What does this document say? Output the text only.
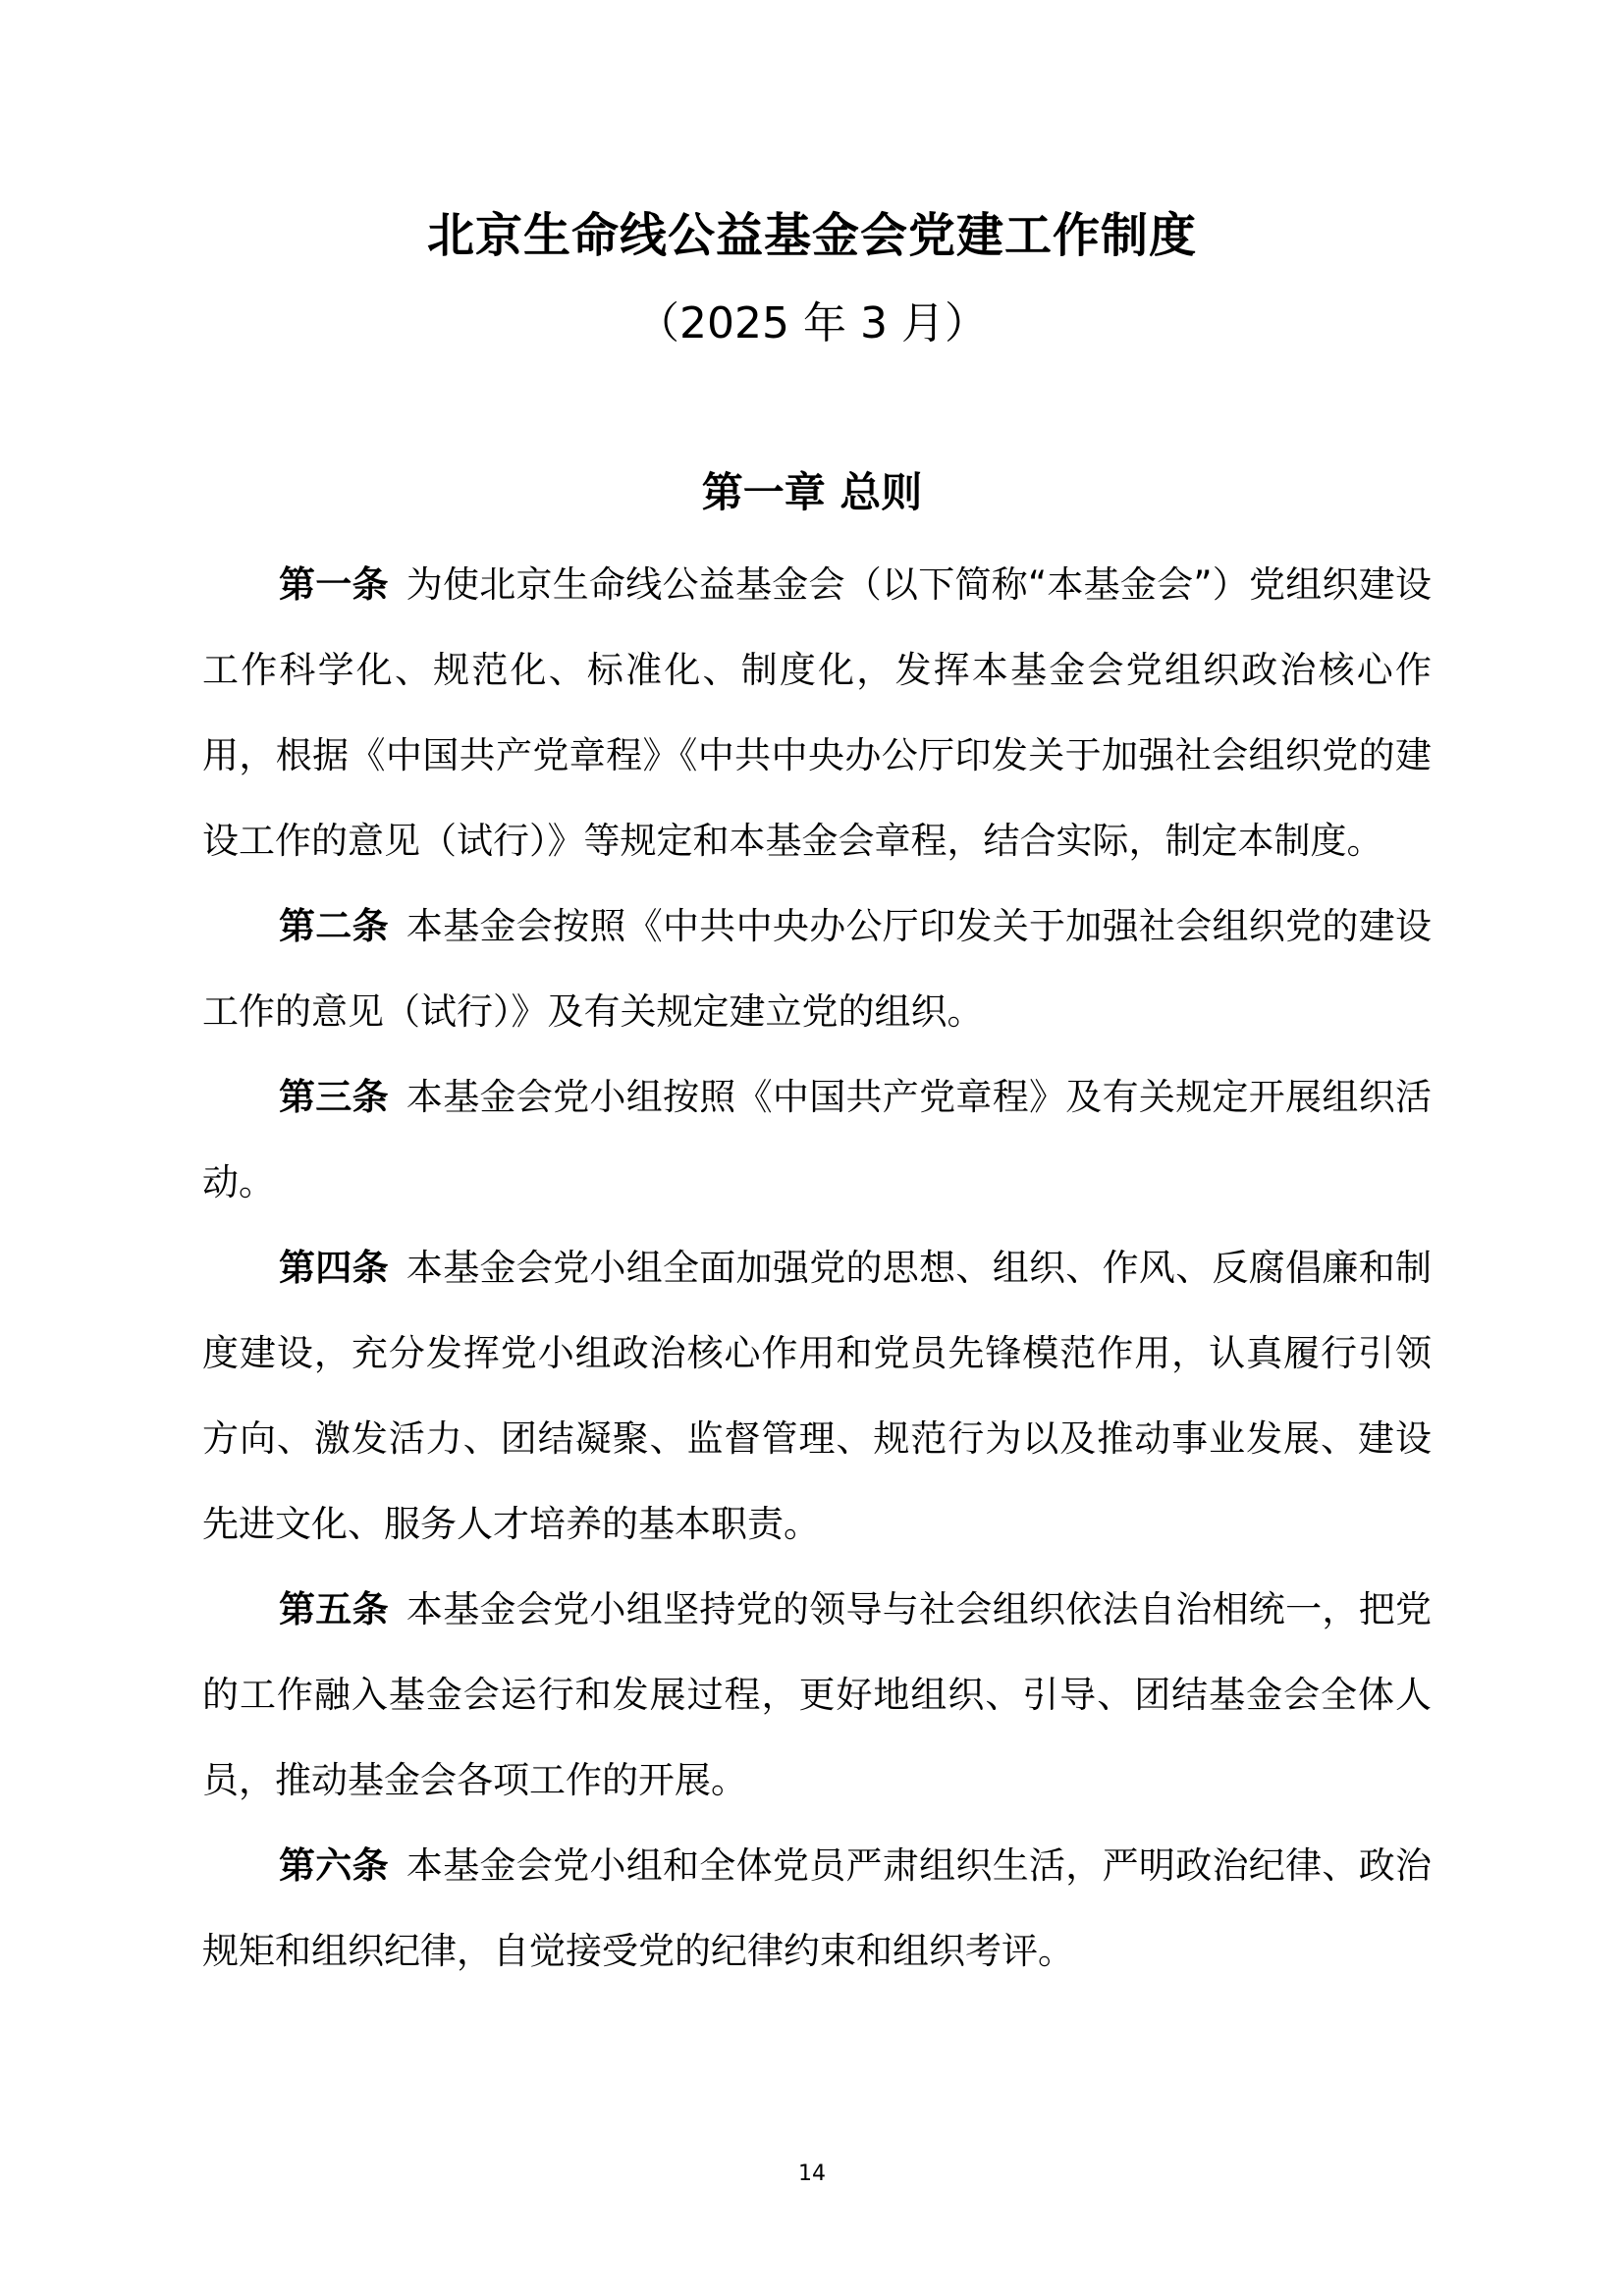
北京生命线公益基金会党建工作制度
（2025 年 3 月）
第一章 总则

第一条 为使北京生命线公益基金会（以下简称“本基金会”）党组织建设工作科学化、规范化、标准化、制度化，发挥本基金会党组织政治核心作用，根据《中国共产党章程》《中共中央办公厅印发关于加强社会组织党的建设工作的意见（试行）》等规定和本基金会章程，结合实际，制定本制度。

第二条 本基金会按照《中共中央办公厅印发关于加强社会组织党的建设工作的意见（试行）》及有关规定建立党的组织。

第三条 本基金会党小组按照《中国共产党章程》及有关规定开展组织活动。

第四条 本基金会党小组全面加强党的思想、组织、作风、反腐倡廉和制度建设，充分发挥党小组政治核心作用和党员先锋模范作用，认真履行引领方向、激发活力、团结凝聚、监督管理、规范行为以及推动事业发展、建设先进文化、服务人才培养的基本职责。

第五条 本基金会党小组坚持党的领导与社会组织依法自治相统一，把党的工作融入基金会运行和发展过程，更好地组织、引导、团结基金会全体人员，推动基金会各项工作的开展。

第六条 本基金会党小组和全体党员严肃组织生活，严明政治纪律、政治规矩和组织纪律，自觉接受党的纪律约束和组织考评。

14
